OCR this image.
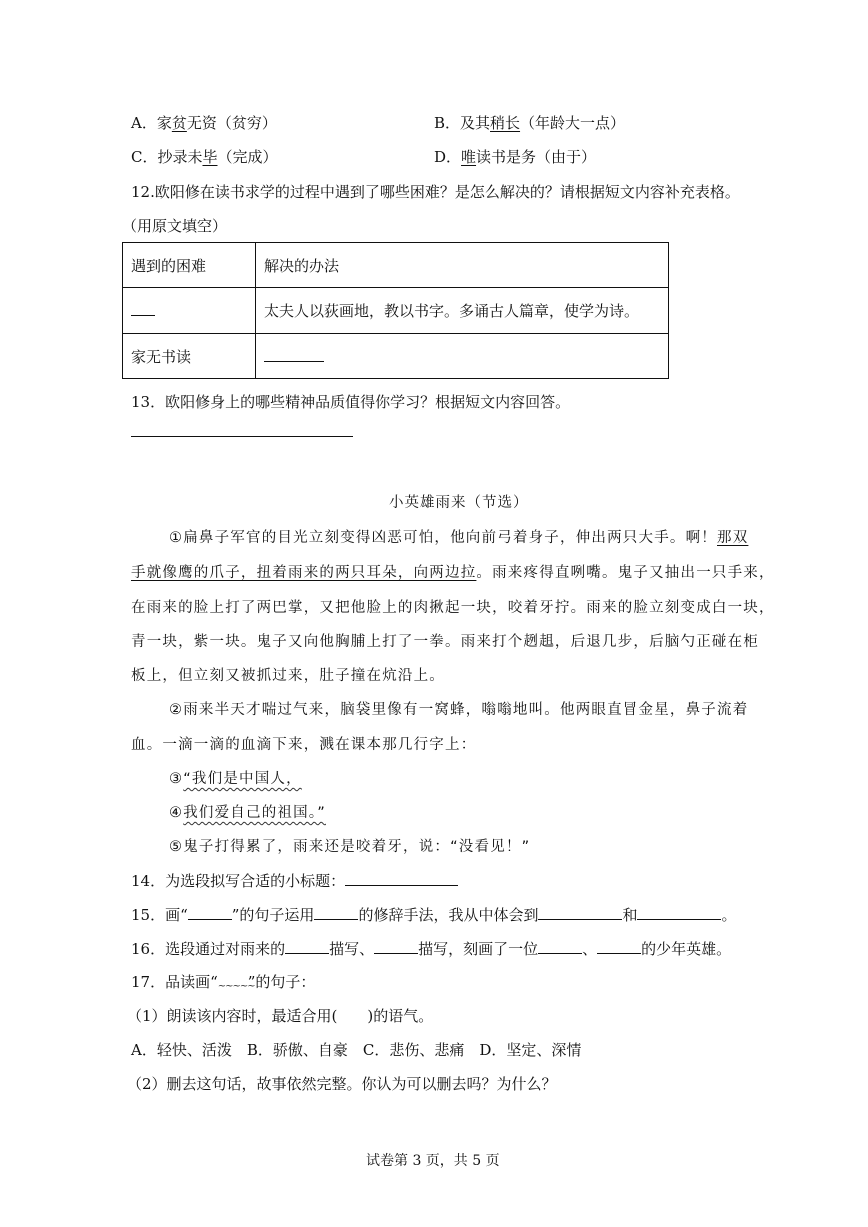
A．家贫无资（贫穷）	B．及其稍长（年龄大一点）
C．抄录未毕（完成）	D．唯读书是务（由于）
12.欧阳修在读书求学的过程中遇到了哪些困难？是怎么解决的？请根据短文内容补充表格。
（用原文填空）
遇到的困难	解决的办法
	太夫人以荻画地，教以书字。多诵古人篇章，使学为诗。
家无书读	
13．欧阳修身上的哪些精神品质值得你学习？根据短文内容回答。
小英雄雨来（节选）
①扁鼻子军官的目光立刻变得凶恶可怕，他向前弓着身子，伸出两只大手。啊！那双
手就像鹰的爪子，扭着雨来的两只耳朵，向两边拉。雨来疼得直咧嘴。鬼子又抽出一只手来，
在雨来的脸上打了两巴掌，又把他脸上的肉揪起一块，咬着牙拧。雨来的脸立刻变成白一块，
青一块，紫一块。鬼子又向他胸脯上打了一拳。雨来打个趔趄，后退几步，后脑勺正碰在柜
板上，但立刻又被抓过来，肚子撞在炕沿上。
②雨来半天才喘过气来，脑袋里像有一窝蜂，嗡嗡地叫。他两眼直冒金星，鼻子流着
血。一滴一滴的血滴下来，溅在课本那几行字上：
③“我们是中国人，
④我们爱自己的祖国。”
⑤鬼子打得累了，雨来还是咬着牙，说：“没看见！”
14．为选段拟写合适的小标题：
15．画“	”的句子运用	的修辞手法，我从中体会到	和	。
16．选段通过对雨来的	描写、	描写，刻画了一位	、	的少年英雄。
17．品读画“~~~~~”的句子：
（1）朗读该内容时，最适合用(　　)的语气。
A．轻快、活泼　B．骄傲、自豪　C．悲伤、悲痛　D．坚定、深情
（2）删去这句话，故事依然完整。你认为可以删去吗？为什么？
试卷第 3 页，共 5 页
